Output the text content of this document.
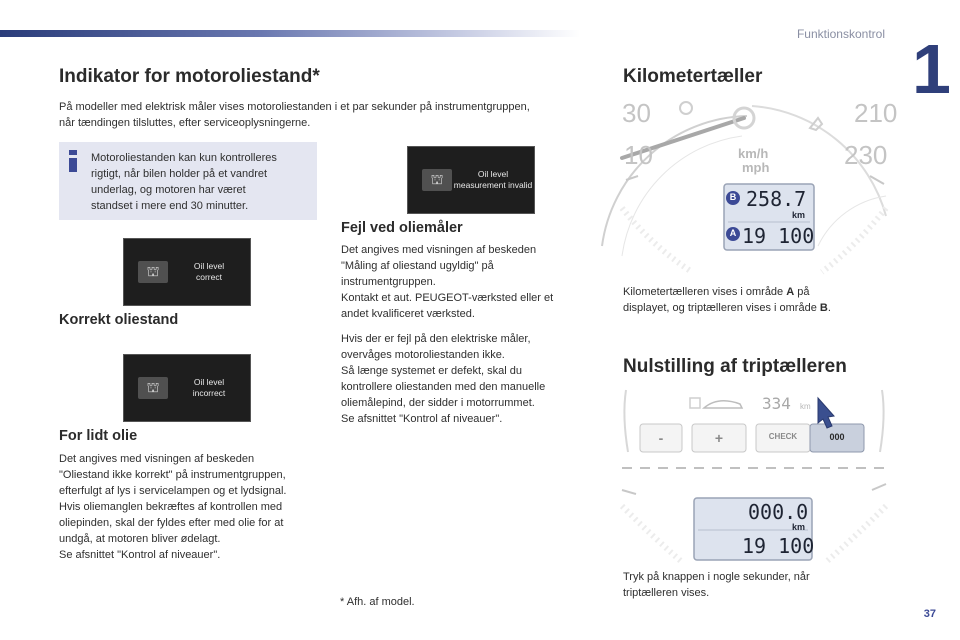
Funktionskontrol 1
Indikator for motoroliestand*
På modeller med elektrisk måler vises motoroliestanden i et par sekunder på instrumentgruppen,
når tændingen tilsluttes, efter serviceoplysningerne.
Motoroliestanden kan kun kontrolleres
rigtigt, når bilen holder på et vandret
underlag, og motoren har været
standset i mere end 30 minutter.
⛫	Oil level
correct
Korrekt oliestand
⛫	Oil level
incorrect
For lidt olie
Det angives med visningen af beskeden
"Oliestand ikke korrekt" på instrumentgruppen,
efterfulgt af lys i servicelampen og et lydsignal.
Hvis oliemanglen bekræftes af kontrollen med
oliepinden, skal der fyldes efter med olie for at
undgå, at motoren bliver ødelagt.
Se afsnittet "Kontrol af niveauer".
⛫	Oil level
measurement invalid
Fejl ved oliemåler
Det angives med visningen af beskeden
"Måling af oliestand ugyldig" på
instrumentgruppen.
Kontakt et aut. PEUGEOT-værksted eller et
andet kvalificeret værksted.
Hvis der er fejl på den elektriske måler,
overvåges motoroliestanden ikke.
Så længe systemet er defekt, skal du
kontrollere oliestanden med den manuelle
oliemålepind, der sidder i motorrummet.
Se afsnittet "Kontrol af niveauer".
* Afh. af model.
Kilometertæller
30
10
210
230
km/h
mph
B 258.7
km
A 19 100
Kilometertælleren vises i område A på
displayet, og triptælleren vises i område B.
Nulstilling af triptælleren
334 km
-	+	CHECK	000
000.0
km
19 100
Tryk på knappen i nogle sekunder, når
triptælleren vises.
37
